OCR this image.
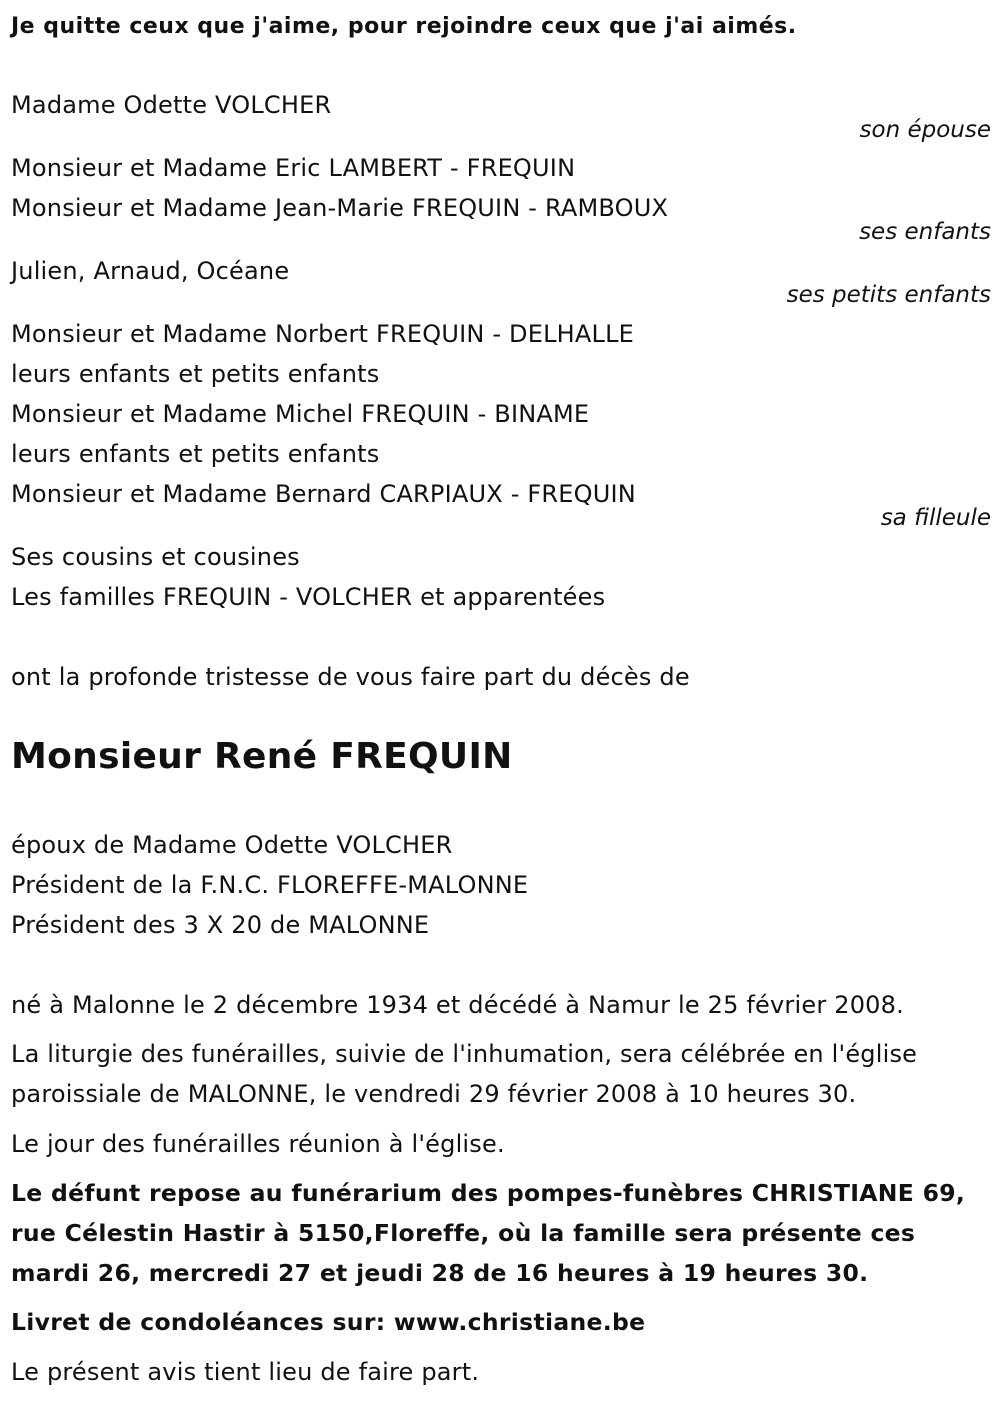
Je quitte ceux que j'aime, pour rejoindre ceux que j'ai aimés.
Madame Odette VOLCHER
son épouse
Monsieur et Madame Eric LAMBERT - FREQUIN
Monsieur et Madame Jean-Marie FREQUIN - RAMBOUX
ses enfants
Julien, Arnaud, Océane
ses petits enfants
Monsieur et Madame Norbert FREQUIN - DELHALLE
leurs enfants et petits enfants
Monsieur et Madame Michel FREQUIN - BINAME
leurs enfants et petits enfants
Monsieur et Madame Bernard CARPIAUX - FREQUIN
sa filleule
Ses cousins et cousines
Les familles FREQUIN - VOLCHER et apparentées
ont la profonde tristesse de vous faire part du décès de
Monsieur René FREQUIN
époux de Madame Odette VOLCHER
Président de la F.N.C. FLOREFFE-MALONNE
Président des 3 X 20 de MALONNE
né à Malonne le 2 décembre 1934 et décédé à Namur le 25 février 2008.
La liturgie des funérailles, suivie de l'inhumation, sera célébrée en l'église
paroissiale de MALONNE, le vendredi 29 février 2008 à 10 heures 30.
Le jour des funérailles réunion à l'église.
Le défunt repose au funérarium des pompes-funèbres CHRISTIANE 69,
rue Célestin Hastir à 5150,Floreffe, où la famille sera présente ces
mardi 26, mercredi 27 et jeudi 28 de 16 heures à 19 heures 30.
Livret de condoléances sur: www.christiane.be
Le présent avis tient lieu de faire part.
